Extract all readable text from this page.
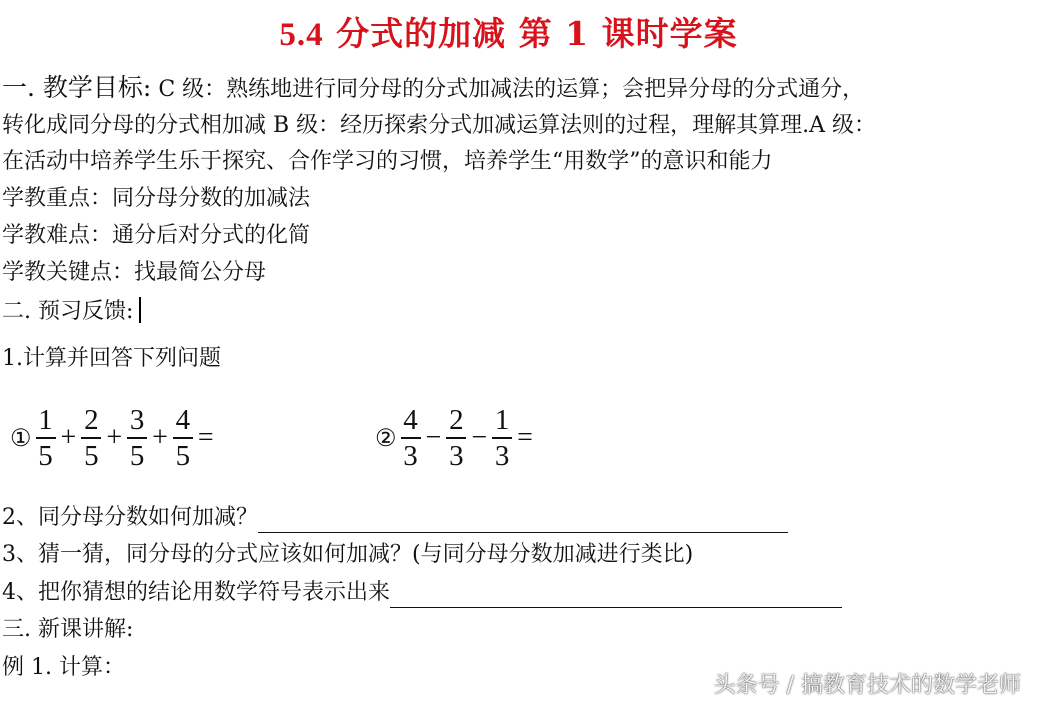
5.4 分式的加减 第 1 课时学案
一. 教学目标: C 级：熟练地进行同分母的分式加减法的运算；会把异分母的分式通分，
转化成同分母的分式相加减 B 级：经历探索分式加减运算法则的过程，理解其算理.A 级：
在活动中培养学生乐于探究、合作学习的习惯，培养学生“用数学”的意识和能力
学教重点：同分母分数的加减法
学教难点：通分后对分式的化简
学教关键点：找最简公分母
二. 预习反馈:
1.计算并回答下列问题
① $\frac{1}{5} + \frac{2}{5} + \frac{3}{5} + \frac{4}{5}$ =	② $\frac{4}{3} - \frac{2}{3} - \frac{1}{3}$ =
2、同分母分数如何加减？
3、猜一猜，同分母的分式应该如何加减？(与同分母分数加减进行类比)
4、把你猜想的结论用数学符号表示出来
三. 新课讲解:
例 1. 计算：
头条号 / 搞教育技术的数学老师
